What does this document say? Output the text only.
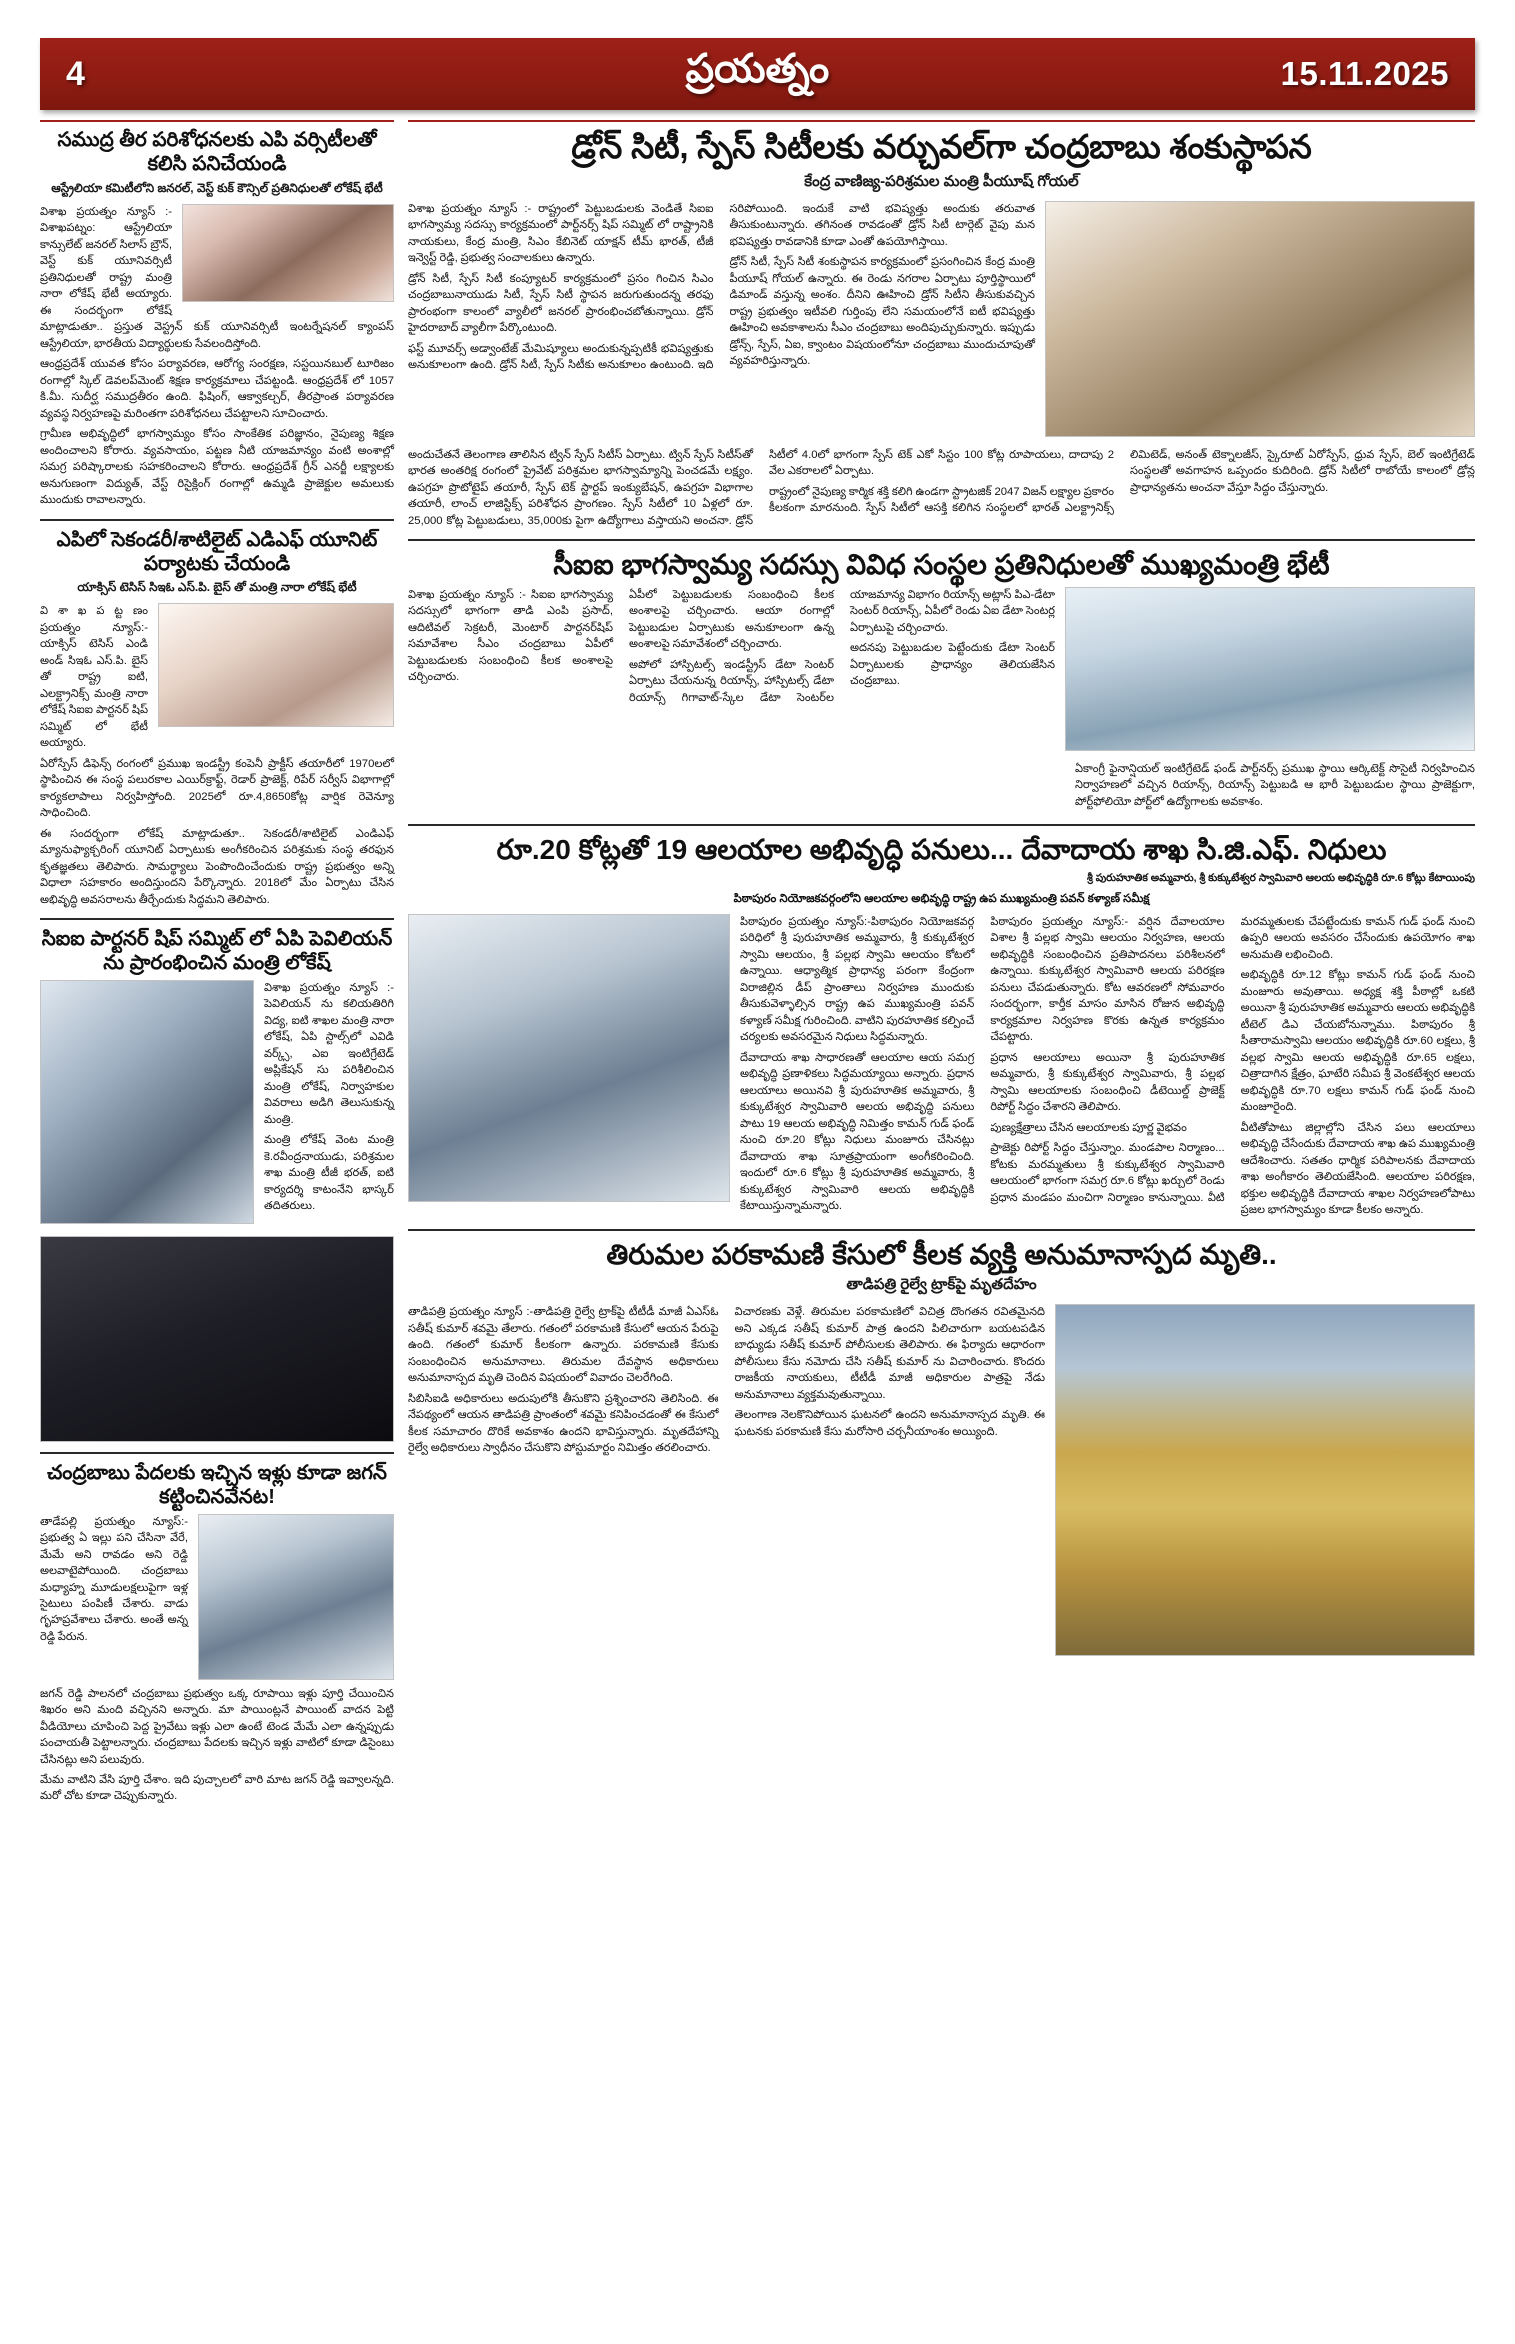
4	ప్రయత్నం	15.11.2025
సముద్ర తీర పరిశోధనలకు ఎపి వర్సిటీలతో కలిసి పనిచేయండి
ఆస్ట్రేలియా కమిటీలోని జనరల్, వెస్ట్ కుక్ కౌన్సిల్ ప్రతినిధులతో లోకేష్ భేటీ

విశాఖ ప్రయత్నం న్యూస్ :-విశాఖపట్నం: ఆస్ట్రేలియా కాన్సులేట్ జనరల్ సిలాస్ బ్రౌన్, వెస్ట్ కుక్ యూనివర్సిటీ ప్రతినిధులతో రాష్ట్ర మంత్రి నారా లోకేష్ భేటీ అయ్యారు. ఈ సందర్భంగా లోకేష్ మాట్లాడుతూ.. ప్రస్తుత వెస్ట్రన్ కుక్ యూనివర్సిటీ ఇంటర్నేషనల్ క్యాంపస్ ఆస్ట్రేలియా, భారతీయ విద్యార్థులకు సేవలందిస్తోంది.

ఆంధ్రప్రదేశ్ యువత కోసం పర్యావరణ, ఆరోగ్య సంరక్షణ, సస్టయినబుల్ టూరిజం రంగాల్లో స్కిల్ డెవలప్‌మెంట్ శిక్షణ కార్యక్రమాలు చేపట్టండి. ఆంధ్రప్రదేశ్ లో 1057 కి.మీ. సుదీర్ఘ సముద్రతీరం ఉంది. ఫిషింగ్, ఆక్వాకల్చర్, తీరప్రాంత పర్యావరణ వ్యవస్థ నిర్వహణపై మరింతగా పరిశోధనలు చేపట్టాలని సూచించారు.

గ్రామీణ అభివృద్ధిలో భాగస్వామ్యం కోసం సాంకేతిక పరిజ్ఞానం, నైపుణ్య శిక్షణ అందించాలని కోరారు. వ్యవసాయం, పట్టణ నీటి యాజమాన్యం వంటి అంశాల్లో సమగ్ర పరిష్కారాలకు సహకరించాలని కోరారు. ఆంధ్రప్రదేశ్ గ్రీన్ ఎనర్జీ లక్ష్యాలకు అనుగుణంగా విద్యుత్, వేస్ట్ రిసైక్లింగ్ రంగాల్లో ఉమ్మడి ప్రాజెక్టుల అమలుకు ముందుకు రావాలన్నారు.

ఎపిలో సెకండరీ/శాటిలైట్ ఎడిఎఫ్ యూనిట్ పర్యాటకు చేయండి
యాక్సిస్ టెసిస్ సిఇఓ ఎస్.పి. బైస్ తో మంత్రి నారా లోకేష్ భేటీ

వి శా ఖ ప ట్ట ణం ప్రయత్నం న్యూస్:- యాక్సిస్ టెసిస్ ఎండి అండ్ సిఇఓ ఎస్.పి. బైస్ తో రాష్ట్ర ఐటి, ఎలక్ట్రానిక్స్ మంత్రి నారా లోకేష్ సిఐఐ పార్టనర్ షిప్ సమ్మిట్ లో భేటీ అయ్యారు.

ఏరోస్పేస్ డిఫెన్స్ రంగంలో ప్రముఖ ఇండస్ట్రీ కంపెనీ ప్రాక్టీస్ తయారీలో 1970లలో స్థాపించిన ఈ సంస్థ పలురకాల ఎయిర్‌క్రాఫ్ట్, రెడార్ ప్రాజెక్ట్, రిపేర్ సర్వీస్ విభాగాల్లో కార్యకలాపాలు నిర్వహిస్తోంది. 2025లో రూ.4,8650కోట్ల వార్షిక రెవెన్యూ సాధించింది.

ఈ సందర్భంగా లోకేష్ మాట్లాడుతూ.. సెకండరీ/శాటిలైట్ ఎండిఎఫ్ మ్యానుఫ్యాక్చరింగ్ యూనిట్ ఏర్పాటుకు అంగీకరించిన పరిశ్రమకు సంస్థ తరఫున కృతజ్ఞతలు తెలిపారు. సామర్థ్యాలు పెంపొందించేందుకు రాష్ట్ర ప్రభుత్వం అన్ని విధాలా సహకారం అందిస్తుందని పేర్కొన్నారు. 2018లో మేం ఏర్పాటు చేసిన అభివృద్ధి అవసరాలను తీర్చేందుకు సిద్ధమని తెలిపారు.

సిఐఐ పార్టనర్ షిప్ సమ్మిట్ లో ఏపి పెవిలియన్ ను ప్రారంభించిన మంత్రి లోకేష్

విశాఖ ప్రయత్నం న్యూస్ :- పెవిలియన్ ను కలియతిరిగి విద్య, ఐటి శాఖల మంత్రి నారా లోకేష్, ఏపి స్టాల్స్‌లో ఎవిడి వర్క్స్, ఎఐ ఇంటిగ్రేటెడ్ అప్లికేషన్ సు పరిశీలించిన మంత్రి లోకేష్, నిర్వాహకుల వివరాలు అడిగి తెలుసుకున్న మంత్రి.

మంత్రి లోకేష్ వెంట మంత్రి కె.రవీంద్రనాయుడు, పరిశ్రమల శాఖ మంత్రి టీజీ భరత్, ఐటి కార్యదర్శి కాటంనేని భాస్కర్ తదితరులు.

చంద్రబాబు పేదలకు ఇచ్చిన ఇళ్లు కూడా జగన్ కట్టించినవేనట!

తాడేపల్లి ప్రయత్నం న్యూస్:- ప్రభుత్వ ఏ ఇల్లు పని చేసినా వేరే, మేమే అని రావడం అని రెడ్డి అలవాటైపోయింది. చంద్రబాబు మధ్యాహ్న మూడులక్షలుపైగా ఇళ్ల సైటులు పంపిణీ చేశారు. వాడు గృహప్రవేశాలు చేశారు. అంతే అన్న రెడ్డి పేరున.

జగన్ రెడ్డి పాలనలో చంద్రబాబు ప్రభుత్వం ఒక్క రూపాయి ఇళ్లు పూర్తి చేయించిన శిఖరం అని మంది వచ్చినని అన్నారు. మా పాయింట్లనే పాయింట్ వాదన పెట్టి వీడియోలు చూపించి పెద్ద ప్రైవేటు ఇళ్లు ఎలా ఉంటే టెండ మేమే ఎలా ఉన్నప్పుడు పంచాయతీ పెట్టాలన్నారు. చంద్రబాబు పేదలకు ఇచ్చిన ఇళ్లు వాటిలో కూడా డిసైంబు చేసినట్లు అని పలువురు.

మేమ వాటిని వేసి పూర్తి చేశాం. ఇది పుచ్చాలలో వారి మాట జగన్ రెడ్డి ఇవ్వాలన్నది. మరో చోట కూడా చెప్పుకున్నారు.

డ్రోన్ సిటీ, స్పేస్ సిటీలకు వర్చువల్‌గా చంద్రబాబు శంకుస్థాపన
కేంద్ర వాణిజ్య-పరిశ్రమల మంత్రి పీయూష్ గోయల్

విశాఖ ప్రయత్నం న్యూస్ :- రాష్ట్రంలో పెట్టుబడులకు వెండితే సిఐఐ భాగస్వామ్య సదస్సు కార్యక్రమంలో పార్ట్‌నర్స్ షిప్ సమ్మిట్ లో రాష్ట్రానికి నాయకులు, కేంద్ర మంత్రి, సిఎం కేబినెట్ యాక్షన్ టీమ్ భారత్, టీజీ ఇన్వెస్ట్ రెడ్డి, ప్రభుత్వ సంచాలకులు ఉన్నారు.

డ్రోన్ సిటీ, స్పేస్ సిటీ కంప్యూటర్ కార్యక్రమంలో ప్రసం గించిన సిఎం చంద్రబాబునాయుడు సిటీ, స్పేస్ సిటీ స్థాపన జరుగుతుందన్న తరఫు ప్రారంభంగా కాలంలో వ్యాలీలో జనరల్ ప్రారంభించబోతున్నాయి. డ్రోన్ హైదరాబాద్ వ్యాలీగా పేర్కొంటుంది.

ఫస్ట్ మూవర్స్ అడ్వాంటేజ్ మేమిష్యూలు అందుకున్నప్పటికీ భవిష్యత్తుకు అనుకూలంగా ఉంది. డ్రోన్ సిటీ, స్పేస్ సిటీకు అనుకూలం ఉంటుంది. ఇది సరిపోయింది. ఇందుకే వాటి భవిష్యత్తు అందుకు తరువాత తీసుకుంటున్నారు. తగినంత రావడంతో డ్రోన్ సిటీ టార్గెట్ వైపు మన భవిష్యత్తు రావడానికి కూడా ఎంతో ఉపయోగిస్తాయి.

డ్రోన్ సిటీ, స్పేస్ సిటీ శంకుస్థాపన కార్యక్రమంలో ప్రసంగించిన కేంద్ర మంత్రి పీయూష్ గోయల్ ఉన్నారు. ఈ రెండు నగరాల ఏర్పాటు పూర్తిస్థాయిలో డిమాండ్ వస్తున్న అంశం. దీనిని ఊహించి డ్రోన్ సిటీని తీసుకువచ్చిన రాష్ట్ర ప్రభుత్వం ఇటీవలి గుర్తింపు లేని సమయంలోనే ఐటీ భవిష్యత్తు ఊహించి అవకాశాలను సీఎం చంద్రబాబు అందిపుచ్చుకున్నారు. ఇప్పుడు డ్రోన్స్, స్పేస్, ఏఐ, క్వాంటం విషయంలోనూ చంద్రబాబు ముందుచూపుతో వ్యవహరిస్తున్నారు.

అందుచేతనే తెలంగాణ తాలిసిన ట్విన్ స్పేస్ సిటీస్ ఏర్పాటు. ట్విన్ స్పేస్ సిటీస్‌తో భారత అంతరిక్ష రంగంలో ప్రైవేట్ పరిశ్రమల భాగస్వామ్యాన్ని పెంచడమే లక్ష్యం. ఉపగ్రహ ప్రొటోటైప్ తయారీ, స్పేస్ టెక్ స్టార్టప్ ఇంక్యుబేషన్, ఉపగ్రహ విభాగాల తయారీ, లాంచ్ లాజిస్టిక్స్ పరిశోధన ప్రాంగణం. స్పేస్ సిటీలో 10 ఏళ్లలో రూ. 25,000 కోట్ల పెట్టుబడులు, 35,000కు పైగా ఉద్యోగాలు వస్తాయని అంచనా. డ్రోన్ సిటీలో 4.0లో భాగంగా స్పేస్ టెక్ ఎకో సిస్టం 100 కోట్ల రూపాయలు, దాదాపు 2 వేల ఎకరాలలో ఏర్పాటు.

రాష్ట్రంలో నైపుణ్య కార్మిక శక్తి కలిగి ఉండగా స్ట్రాటజిక్ 2047 విజన్ లక్ష్యాల ప్రకారం కీలకంగా మారనుంది. స్పేస్ సిటీలో ఆసక్తి కలిగిన సంస్థలలో భారత్ ఎలక్ట్రానిక్స్ లిమిటెడ్, అనంత్ టెక్నాలజీస్, స్కైరూట్ ఏరోస్పేస్, ధ్రువ స్పేస్, బెల్ ఇంటిగ్రేటెడ్ సంస్థలతో అవగాహన ఒప్పందం కుదిరింది. డ్రోన్ సిటీలో రాబోయే కాలంలో డ్రోన్ల ప్రాధాన్యతను అంచనా వేస్తూ సిద్ధం చేస్తున్నారు.

సీఐఐ భాగస్వామ్య సదస్సు వివిధ సంస్థల ప్రతినిధులతో ముఖ్యమంత్రి భేటీ

విశాఖ ప్రయత్నం న్యూస్ :- సిఐఐ భాగస్వామ్య సదస్సులో భాగంగా తాడి ఎంపి ప్రసాద్, ఆదిటివల్ సెక్రటరీ, మెంటార్ పార్టనర్‌షిప్ సమావేశాల సీఎం చంద్రబాబు ఏపీలో పెట్టుబడులకు సంబంధించి కీలక అంశాలపై చర్చించారు.

ఏపీలో పెట్టుబడులకు సంబంధించి కీలక అంశాలపై చర్చించారు. ఆయా రంగాల్లో పెట్టుబడుల ఏర్పాటుకు అనుకూలంగా ఉన్న అంశాలపై సమావేశంలో చర్చించారు.

అపోలో హాస్పిటల్స్ ఇండస్ట్రీస్ డేటా సెంటర్ ఏర్పాటు చేయనున్న రియాన్స్, హాస్పిటల్స్ డేటా రియాన్స్ గిగావాట్-స్కేల డేటా సెంటర్‌ల యాజమాన్య విభాగం రియాన్స్ అట్లాస్ పిఎ-డేటా సెంటర్ రియాన్స్, ఏపీలో రెండు ఏఐ డేటా సెంటర్ల ఏర్పాటుపై చర్చించారు.

అదనపు పెట్టుబడుల పెట్టేందుకు డేటా సెంటర్ ఏర్పాటులకు ప్రాధాన్యం తెలియజేసిన చంద్రబాబు.

ఏకాంగ్రీ ఫైనాన్షియల్ ఇంటిగ్రేటెడ్ ఫండ్ పార్ట్‌నర్స్ ప్రముఖ స్థాయి ఆర్కిటెక్ట్ సొసైటీ నిర్వహించిన నిర్వాహణలో వచ్చిన రియాన్స్, రియాన్స్ పెట్టుబడి ఆ భారీ పెట్టుబడుల స్థాయి ప్రాజెక్టుగా, పోర్ట్‌ఫోలియో పోర్ట్‌లో ఉద్యోగాలకు అవకాశం.

రూ.20 కోట్లతో 19 ఆలయాల అభివృద్ధి పనులు... దేవాదాయ శాఖ సి.జి.ఎఫ్. నిధులు
శ్రీ పురుహూతిక అమ్మవారు, శ్రీ కుక్కుటేశ్వర స్వామివారి ఆలయ అభివృద్ధికి రూ.6 కోట్లు కేటాయింపు
పిఠాపురం నియోజకవర్గంలోని ఆలయాల అభివృద్ధి రాష్ట్ర ఉప ముఖ్యమంత్రి పవన్ కళ్యాణ్ సమీక్ష

పిఠాపురం ప్రయత్నం న్యూస్:-పిఠాపురం నియోజకవర్గ పరిధిలో శ్రీ పురుహూతిక అమ్మవారు, శ్రీ కుక్కుటేశ్వర స్వామి ఆలయం, శ్రీ పల్లభ స్వామి ఆలయం కోటలో ఉన్నాయి. ఆధ్యాత్మిక ప్రాధాన్య పరంగా కేంద్రంగా విరాజిల్లిన డీప్ ప్రాంతాలు నిర్వహణ ముందుకు తీసుకువెళ్ళాల్సిన రాష్ట్ర ఉప ముఖ్యమంత్రి పవన్ కళ్యాణ్ సమీక్ష గురించింది. వాటిని పురహూతిక కల్పించే చర్యలకు అవసరమైన నిధులు సిద్ధమన్నారు.

దేవాదాయ శాఖ సాధారణతో ఆలయాల ఆయ సమగ్ర అభివృద్ధి ప్రణాళికలు సిద్ధమయ్యాయి అన్నారు. ప్రధాన ఆలయాలు అయినవి శ్రీ పురుహూతిక అమ్మవారు, శ్రీ కుక్కుటేశ్వర స్వామివారి ఆలయ అభివృద్ధి పనులు పాటు 19 ఆలయ అభివృద్ధి నిమిత్తం కామన్ గుడ్ ఫండ్ నుంచి రూ.20 కోట్లు నిధులు మంజూరు చేసినట్లు దేవాదాయ శాఖ సూత్రప్రాయంగా అంగీకరించింది. ఇందులో రూ.6 కోట్లు శ్రీ పురుహూతిక అమ్మవారు, శ్రీ కుక్కుటేశ్వర స్వామివారి ఆలయ అభివృద్ధికి కేటాయిస్తున్నామన్నారు.

పిఠాపురం ప్రయత్నం న్యూస్:- వర్షిన దేవాలయాల విశాల శ్రీ పల్లభ స్వామి ఆలయం నిర్వహణ, ఆలయ అభివృద్ధికి సంబంధించిన ప్రతిపాదనలు పరిశీలనలో ఉన్నాయి. కుక్కుటేశ్వర స్వామివారి ఆలయ పరిరక్షణ పనులు చేపడుతున్నారు. కోట ఆవరణలో సోమవారం సందర్భంగా, కార్తీక మాసం మాసిన రోజున అభివృద్ధి కార్యక్రమాల నిర్వహణ కొరకు ఉన్నత కార్యక్రమం చేపట్టారు.

ప్రధాన ఆలయాలు అయినా శ్రీ పురుహూతిక అమ్మవారు, శ్రీ కుక్కుటేశ్వర స్వామివారు, శ్రీ పల్లభ స్వామి ఆలయాలకు సంబంధించి డీటెయిల్డ్ ప్రాజెక్ట్ రిపోర్ట్ సిద్ధం చేశారని తెలిపారు.

పుణ్యక్షేత్రాలు చేసిన ఆలయాలకు పూర్ణ వైభవం

ప్రాజెక్టు రిపోర్ట్ సిద్ధం చేస్తున్నాం. మండపాల నిర్మాణం... కోటకు మరమ్మతులు శ్రీ కుక్కుటేశ్వర స్వామివారి ఆలయంలో భాగంగా సమగ్ర రూ.6 కోట్లు ఖర్చులో రెండు ప్రధాన మండపం మంచిగా నిర్మాణం కానున్నాయి. వీటి మరమ్మతులకు చేపట్టేందుకు కామన్ గుడ్ ఫండ్ నుంచి ఉప్పరి ఆలయ అవసరం చేసేందుకు ఉపయోగం శాఖ అనుమతి లభించింది.

అభివృద్ధికి రూ.12 కోట్లు కామన్ గుడ్ ఫండ్ నుంచి మంజూరు అవుతాయి. అధ్యక్ష శక్తి పీఠాల్లో ఒకటి అయినా శ్రీ పురుహూతిక అమ్మవారు ఆలయ అభివృద్ధికి టీటెల్ డిఎ చేయబోనున్నాము. పిఠాపురం శ్రీ సీతారామస్వామి ఆలయం అభివృద్ధికి రూ.60 లక్షలు, శ్రీ వల్లభ స్వామి ఆలయ అభివృద్ధికి రూ.65 లక్షలు, చిత్రాదాగిన క్షేత్రం, ఘాటేరి సమీప శ్రీ వెంకటేశ్వర ఆలయ అభివృద్ధికి రూ.70 లక్షలు కామన్ గుడ్ ఫండ్ నుంచి మంజూరైంది.

వీటితోపాటు జిల్లాల్లోని చేసిన పలు ఆలయాలు అభివృద్ధి చేసేందుకు దేవాదాయ శాఖ ఉప ముఖ్యమంత్రి ఆదేశించారు. సతతం ధార్మిక పరిపాలనకు దేవాదాయ శాఖ అంగీకారం తెలియజేసింది. ఆలయాల పరిరక్షణ, భక్తుల అభివృద్ధికి దేవాదాయ శాఖల నిర్వహణలోపాటు ప్రజల భాగస్వామ్యం కూడా కీలకం అన్నారు.

తిరుమల పరకామణి కేసులో కీలక వ్యక్తి అనుమానాస్పద మృతి..
తాడిపత్రి రైల్వే ట్రాక్‌పై మృతదేహం

తాడిపత్రి ప్రయత్నం న్యూస్ :-తాడిపత్రి రైల్వే ట్రాక్‌పై టీటీడీ మాజీ ఏఎస్ఓ సతీష్ కుమార్ శవమై తేలారు. గతంలో పరకామణి కేసులో ఆయన పేరుపై ఉంది. గతంలో కుమార్ కీలకంగా ఉన్నారు. పరకామణి కేసుకు సంబంధించిన అనుమానాలు. తిరుమల దేవస్థాన అధికారులు అనుమానాస్పద మృతి చెందిన విషయంలో వివాదం చెలరేగింది.

సిబిసిఐడి అధికారులు అదుపులోకి తీసుకొని ప్రశ్నించారని తెలిసింది. ఈ నేపథ్యంలో ఆయన తాడిపత్రి ప్రాంతంలో శవమై కనిపించడంతో ఈ కేసులో కీలక సమాచారం దొరికే అవకాశం ఉందని భావిస్తున్నారు. మృతదేహాన్ని రైల్వే అధికారులు స్వాధీనం చేసుకొని పోస్టుమార్టం నిమిత్తం తరలించారు.

విచారణకు వెళ్లే. తిరుమల పరకామణిలో విచిత్ర దొంగతన రవితమైనది అని ఎక్కడ సతీష్ కుమార్ పాత్ర ఉందని పిలిచారుగా బయటపడిన బాధ్యుడు సతీష్ కుమార్ పోలీసులకు తెలిపారు. ఈ ఫిర్యాదు ఆధారంగా పోలీసులు కేసు నమోదు చేసి సతీష్ కుమార్ ను విచారించారు. కొందరు రాజకీయ నాయకులు, టీటీడీ మాజీ అధికారుల పాత్రపై నేడు అనుమానాలు వ్యక్తమవుతున్నాయి.

తెలంగాణ నెలకొనిపోయిన ఘటనలో ఉందని అనుమానాస్పద మృతి. ఈ ఘటనకు పరకామణి కేసు మరోసారి చర్చనీయాంశం అయ్యింది.
